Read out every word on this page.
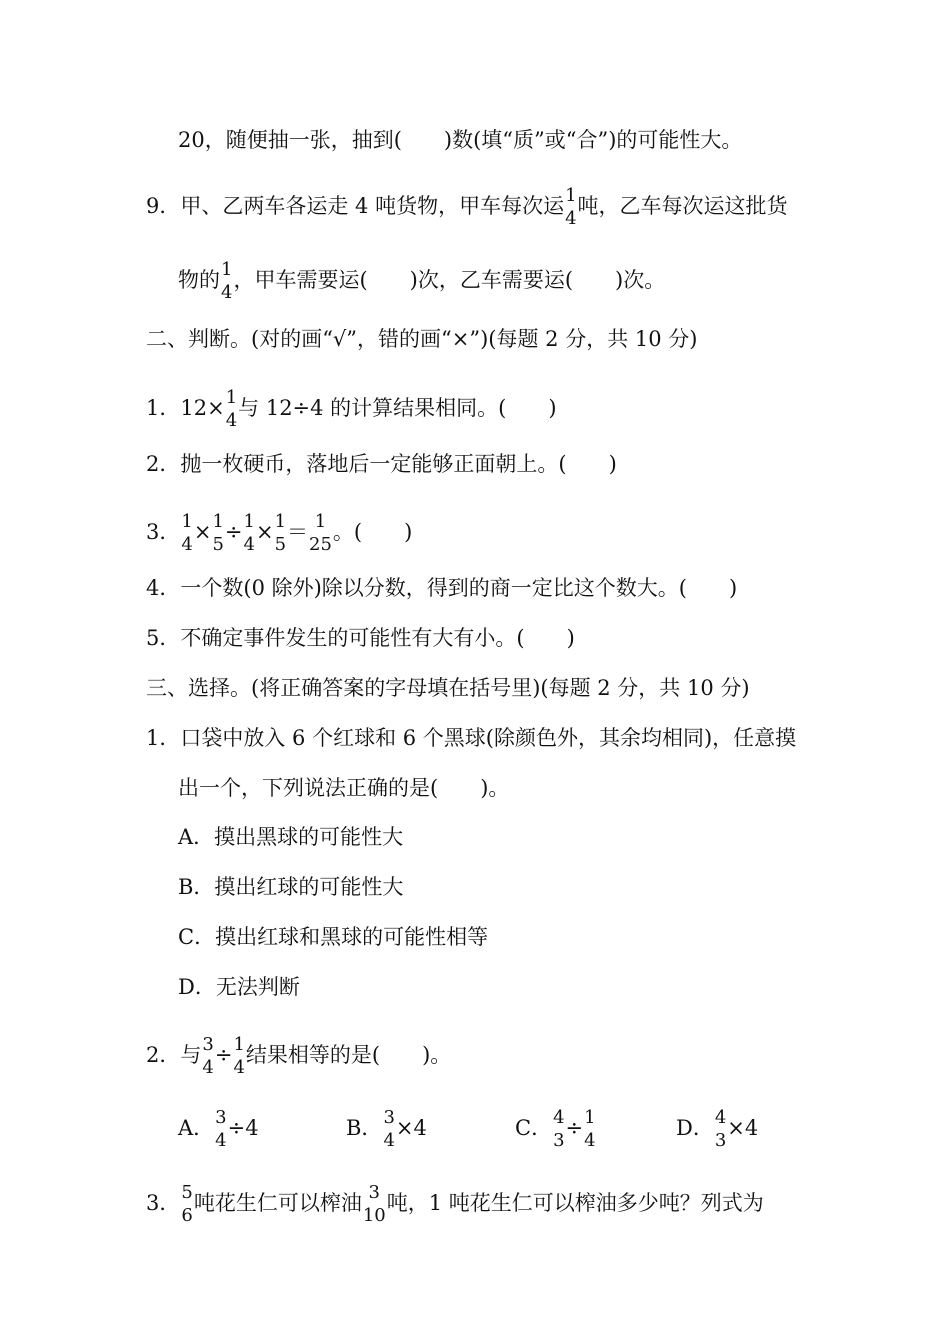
20，随便抽一张，抽到(　　)数(填“质”或“合”)的可能性大。
9．甲、乙两车各运走 4 吨货物，甲车每次运 1
4 吨，乙车每次运这批货
物的 1
4 ，甲车需要运(　　)次，乙车需要运(　　)次。
二、判断。(对的画“√”，错的画“×”)(每题 2 分，共 10 分)
1．12× 1
4 与 12÷4 的计算结果相同。(　　)
2．抛一枚硬币，落地后一定能够正面朝上。(　　)
3． 1
4 × 1
5 ÷ 1
4 × 1
5 ＝ 1
25 。(　　)
4．一个数(0 除外)除以分数，得到的商一定比这个数大。(　　)
5．不确定事件发生的可能性有大有小。(　　)
三、选择。(将正确答案的字母填在括号里)(每题 2 分，共 10 分)
1．口袋中放入 6 个红球和 6 个黑球(除颜色外，其余均相同)，任意摸
出一个，下列说法正确的是(　　)。
A．摸出黑球的可能性大
B．摸出红球的可能性大
C．摸出红球和黑球的可能性相等
D．无法判断
2．与 3
4 ÷ 1
4 结果相等的是(　　)。
A． 3
4 ÷4	B． 3
4 ×4	C． 4
3 ÷ 1
4	D． 4
3 ×4
3． 5
6 吨花生仁可以榨油 3
10 吨，1 吨花生仁可以榨油多少吨？列式为
